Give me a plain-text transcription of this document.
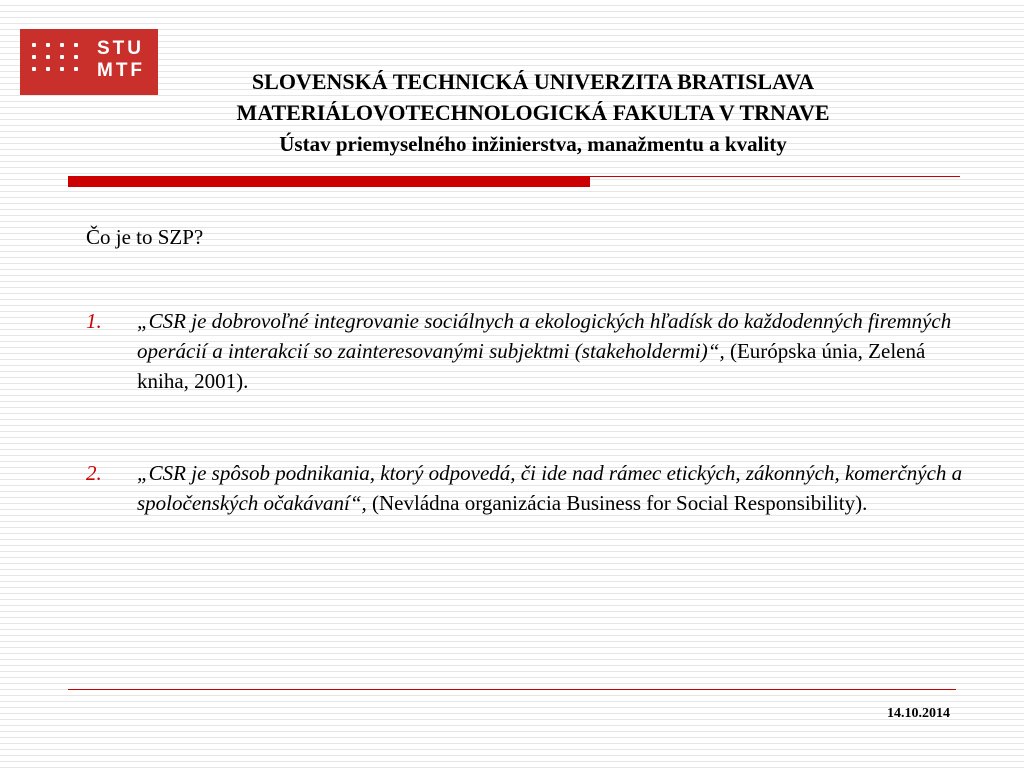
STU
MTF	SLOVENSKÁ TECHNICKÁ UNIVERZITA BRATISLAVA
MATERIÁLOVOTECHNOLOGICKÁ FAKULTA V TRNAVE
Ústav priemyselného inžinierstva, manažmentu a kvality
Čo je to SZP?
1. „CSR je dobrovoľné integrovanie sociálnych a ekologických hľadísk do každodenných firemných operácií a interakcií so zainteresovanými subjektmi (stakeholdermi)“, (Európska únia, Zelená kniha, 2001).
2. „CSR je spôsob podnikania, ktorý odpovedá, či ide nad rámec etických, zákonných, komerčných a spoločenských očakávaní“, (Nevládna organizácia Business for Social Responsibility).
14.10.2014
